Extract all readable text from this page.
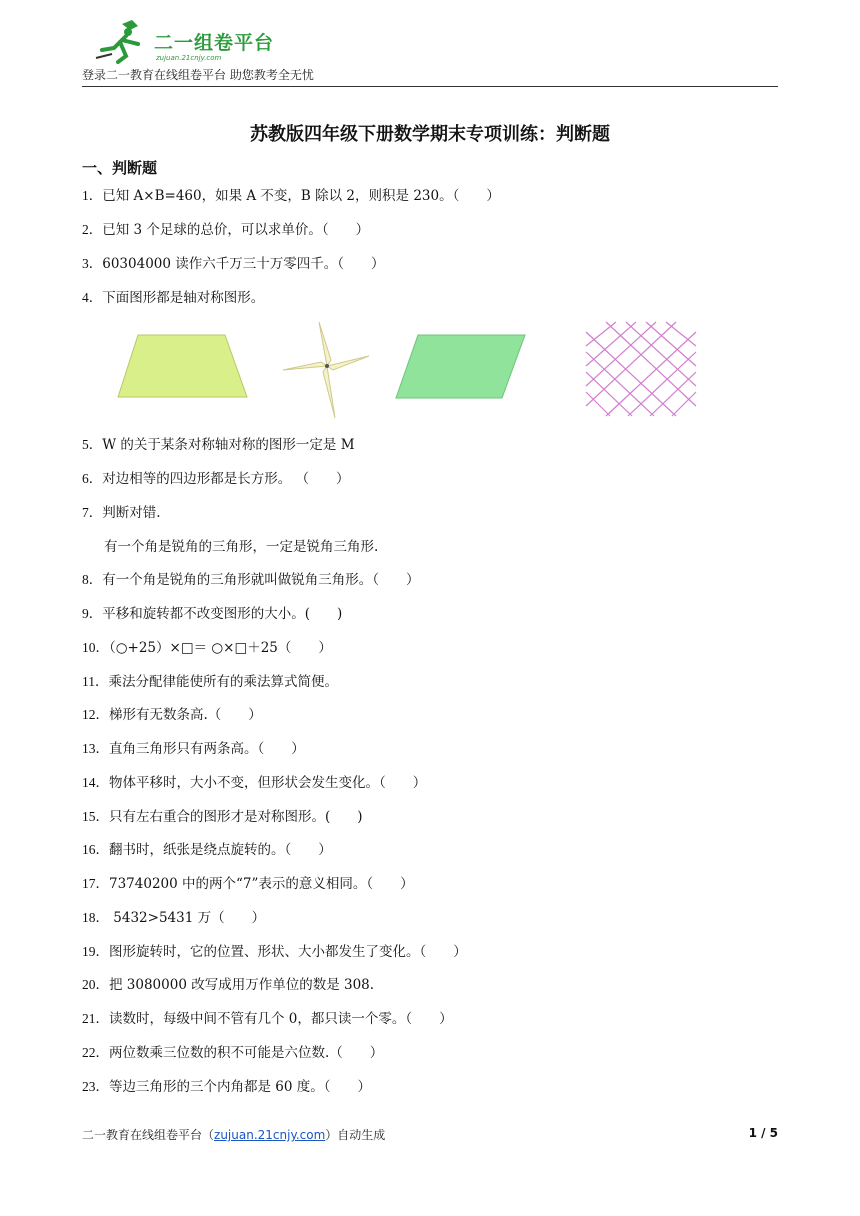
二一组卷平台
zujuan.21cnjy.com
登录二一教育在线组卷平台 助您教考全无忧
苏教版四年级下册数学期末专项训练：判断题
一、判断题
1．已知 A×B=460，如果 A 不变，B 除以 2，则积是 230。（　　）
2．已知 3 个足球的总价，可以求单价。（　　）
3．60304000 读作六千万三十万零四千。（　　）
4．下面图形都是轴对称图形。
5．W 的关于某条对称轴对称的图形一定是 M
6．对边相等的四边形都是长方形。 （　　）
7．判断对错.
有一个角是锐角的三角形，一定是锐角三角形.
8．有一个角是锐角的三角形就叫做锐角三角形。（　　）
9．平移和旋转都不改变图形的大小。(　　)
10．（○+25）×□＝ ○×□＋25（　　）
11．乘法分配律能使所有的乘法算式简便。
12．梯形有无数条高.（　　）
13．直角三角形只有两条高。（　　）
14．物体平移时，大小不变，但形状会发生变化。（　　）
15．只有左右重合的图形才是对称图形。(　　)
16．翻书时，纸张是绕点旋转的。（　　）
17．73740200 中的两个“7”表示的意义相同。（　　）
18． 5432>5431 万（　　）
19．图形旋转时，它的位置、形状、大小都发生了变化。（　　）
20．把 3080000 改写成用万作单位的数是 308.
21．读数时，每级中间不管有几个 0，都只读一个零。（　　）
22．两位数乘三位数的积不可能是六位数.（　　）
23．等边三角形的三个内角都是 60 度。（　　）
二一教育在线组卷平台（zujuan.21cnjy.com）自动生成	1 / 5
